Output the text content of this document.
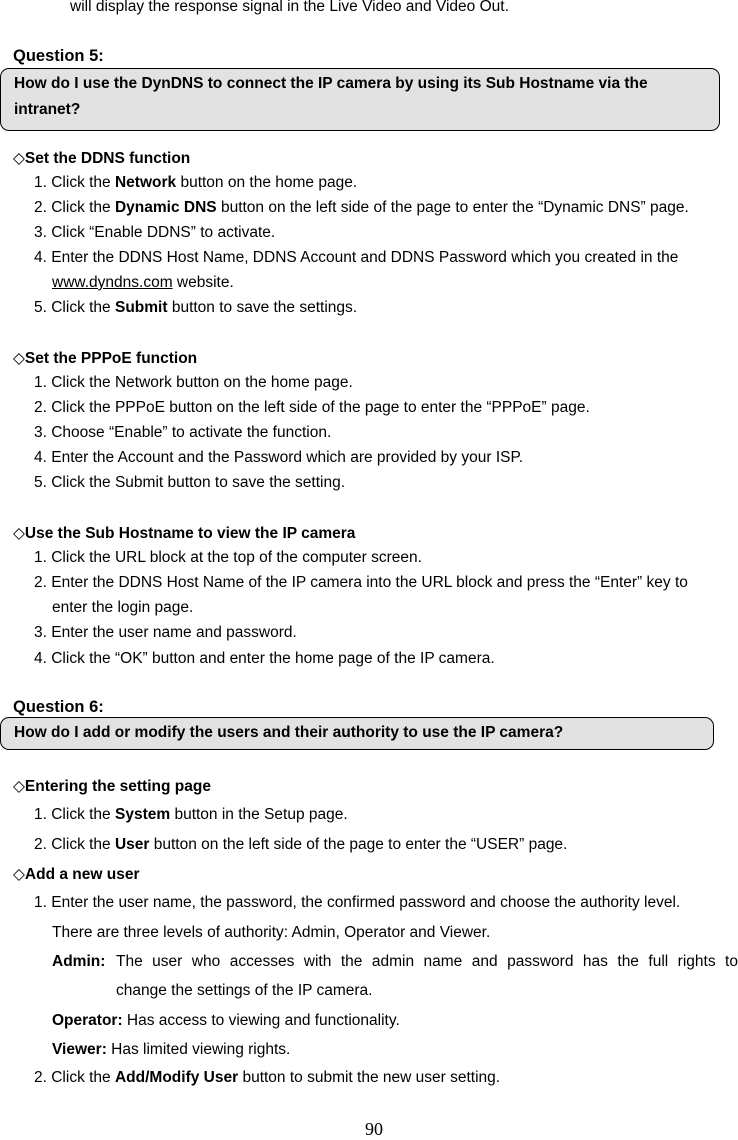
will display the response signal in the Live Video and Video Out.
Question 5:
How do I use the DynDNS to connect the IP camera by using its Sub Hostname via the intranet?
◇Set the DDNS function
1. Click the Network button on the home page.
2. Click the Dynamic DNS button on the left side of the page to enter the “Dynamic DNS” page.
3. Click “Enable DDNS” to activate.
4. Enter the DDNS Host Name, DDNS Account and DDNS Password which you created in the
www.dyndns.com website.
5. Click the Submit button to save the settings.
◇Set the PPPoE function
1. Click the Network button on the home page.
2. Click the PPPoE button on the left side of the page to enter the “PPPoE” page.
3. Choose “Enable” to activate the function.
4. Enter the Account and the Password which are provided by your ISP.
5. Click the Submit button to save the setting.
◇Use the Sub Hostname to view the IP camera
1. Click the URL block at the top of the computer screen.
2. Enter the DDNS Host Name of the IP camera into the URL block and press the “Enter” key to
enter the login page.
3. Enter the user name and password.
4. Click the “OK” button and enter the home page of the IP camera.
Question 6:
How do I add or modify the users and their authority to use the IP camera?
◇Entering the setting page
1. Click the System button in the Setup page.
2. Click the User button on the left side of the page to enter the “USER” page.
◇Add a new user
1. Enter the user name, the password, the confirmed password and choose the authority level.
There are three levels of authority: Admin, Operator and Viewer.
Admin: The user who accesses with the admin name and password has the full rights to
change the settings of the IP camera.
Operator: Has access to viewing and functionality.
Viewer: Has limited viewing rights.
2. Click the Add/Modify User button to submit the new user setting.
90
